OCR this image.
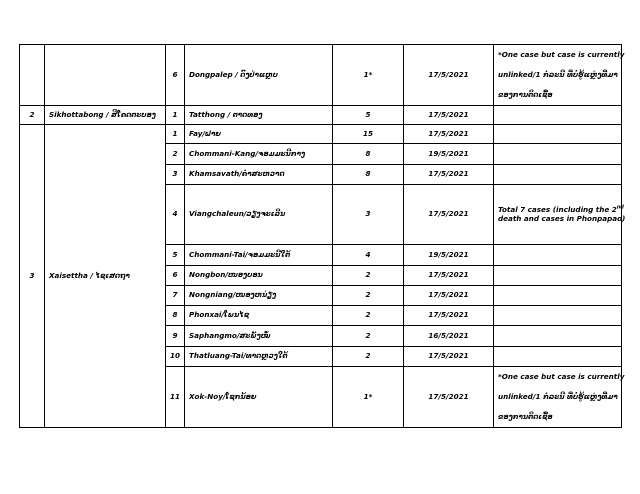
		6	Dongpalep / ດົງປ່າແຫຼບ	1*	17/5/2021	*One case but case is currently
unlinked/1 ກໍລະນີ ທີ່ບໍ່ຮູ້ແຫຼ່ງທີ່ມາ
ຂອງການຕິດເຊື້ອ

2	Sikhottabong / ສີໂຄດຕະບອງ	1	Tatthong / ຕາດທອງ	5	17/5/2021	
3	Xaisettha / ໄຊເສດຖາ	1	Fay/ຝາຍ	15	17/5/2021	
		2	Chommani-Kang/ຈອມມະນີກາງ	8	19/5/2021	
		3	Khamsavath/ຄຳສະຫວາດ	8	17/5/2021	
		4	Viangchaleun/ວຽງຈະເລີນ	3	17/5/2021	Total 7 cases (including the 2nd
death and cases in Phonpapao)

		5	Chommani-Tai/ຈອມມະນີໃຕ້	4	19/5/2021	
		6	Nongbon/ໜອງບອນ	2	17/5/2021	
		7	Nongniang/ໜອງຫນ່ຽງ	2	17/5/2021	
		8	Phonxai/ໂພນໄຊ	2	17/5/2021	
		9	Saphangmo/ສະພັງໝໍ້	2	16/5/2021	
		10	Thatluang-Tai/ທາດຫຼວງໃຕ້	2	17/5/2021	
		11	Xok-Noy/ໂຊກນ້ອຍ	1*	17/5/2021	*One case but case is currently
unlinked/1 ກໍລະນີ ທີ່ບໍ່ຮູ້ແຫຼ່ງທີ່ມາ
ຂອງການຕິດເຊື້ອ
